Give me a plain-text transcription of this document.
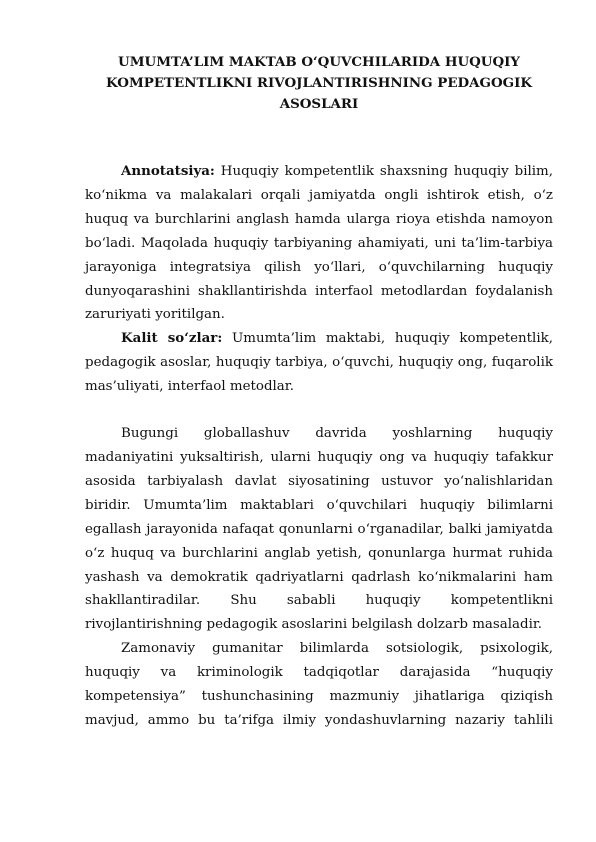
UMUMTA’LIM MAKTAB O‘QUVCHILARIDA HUQUQIY
KOMPETENTLIKNI RIVOJLANTIRISHNING PEDAGOGIK
ASOSLARI

Annotatsiya: Huquqiy kompetentlik shaxsning huquqiy bilim, ko‘nikma va malakalari orqali jamiyatda ongli ishtirok etish, o‘z huquq va burchlarini anglash hamda ularga rioya etishda namoyon bo‘ladi. Maqolada huquqiy tarbiyaning ahamiyati, uni ta’lim-tarbiya jarayoniga integratsiya qilish yo‘llari, o‘quvchilarning huquqiy dunyoqarashini shakllantirishda interfaol metodlardan foydalanish zaruriyati yoritilgan.

Kalit so‘zlar: Umumta’lim maktabi, huquqiy kompetentlik, pedagogik asoslar, huquqiy tarbiya, o‘quvchi, huquqiy ong, fuqarolik mas’uliyati, interfaol metodlar.

Bugungi globallashuv davrida yoshlarning huquqiy madaniyatini yuksaltirish, ularni huquqiy ong va huquqiy tafakkur asosida tarbiyalash davlat siyosatining ustuvor yo‘nalishlaridan biridir. Umumta’lim maktablari o‘quvchilari huquqiy bilimlarni egallash jarayonida nafaqat qonunlarni o‘rganadilar, balki jamiyatda o‘z huquq va burchlarini anglab yetish, qonunlarga hurmat ruhida yashash va demokratik qadriyatlarni qadrlash ko‘nikmalarini ham shakllantiradilar. Shu sababli huquqiy kompetentlikni rivojlantirishning pedagogik asoslarini belgilash dolzarb masaladir.

Zamonaviy gumanitar bilimlarda sotsiologik, psixologik, huquqiy va kriminologik tadqiqotlar darajasida “huquqiy kompetensiya” tushunchasining mazmuniy jihatlariga qiziqish mavjud, ammo bu ta’rifga ilmiy yondashuvlarning nazariy tahlili
